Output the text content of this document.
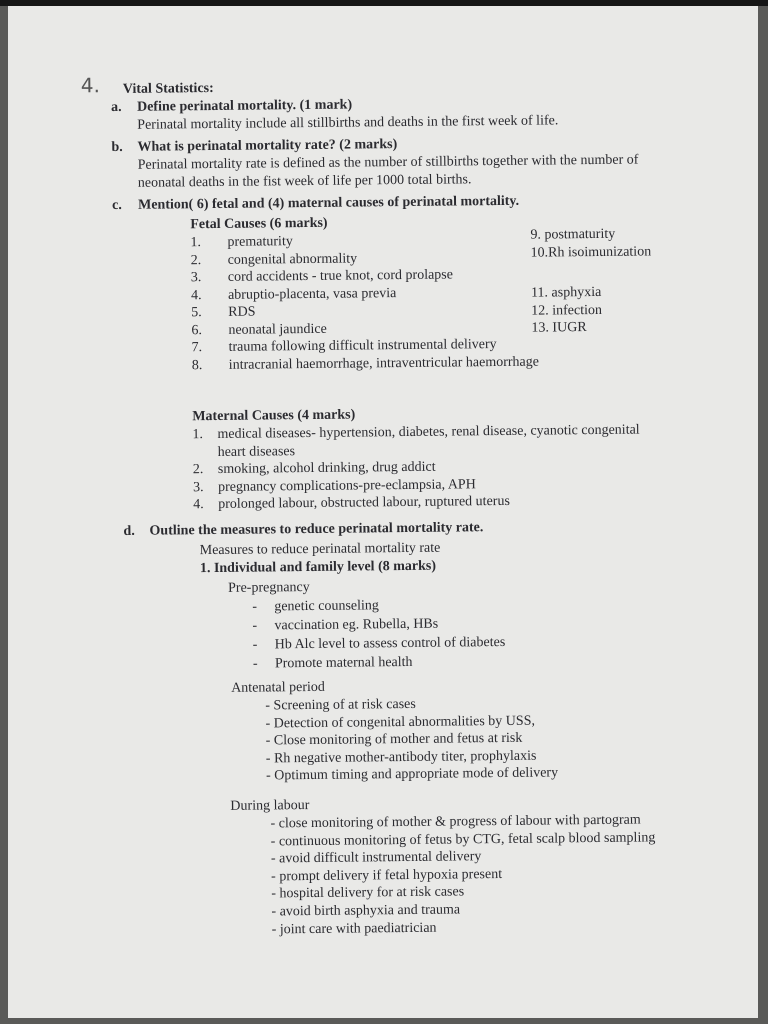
4. Vital Statistics:
a. Define perinatal mortality. (1 mark)
Perinatal mortality include all stillbirths and deaths in the first week of life.
b. What is perinatal mortality rate? (2 marks)
Perinatal mortality rate is defined as the number of stillbirths together with the number of
neonatal deaths in the fist week of life per 1000 total births.
c. Mention( 6) fetal and (4) maternal causes of perinatal mortality.
Fetal Causes (6 marks)
1.	prematurity
2.	congenital abnormality
3.	cord accidents - true knot, cord prolapse
4.	abruptio-placenta, vasa previa
5.	RDS
6.	neonatal jaundice
7.	trauma following difficult instrumental delivery
8.	intracranial haemorrhage, intraventricular haemorrhage
9. postmaturity
10.Rh isoimunization
11. asphyxia
12. infection
13. IUGR
Maternal Causes (4 marks)
1.	medical diseases- hypertension, diabetes, renal disease, cyanotic congenital
heart diseases
2.	smoking, alcohol drinking, drug addict
3.	pregnancy complications-pre-eclampsia, APH
4.	prolonged labour, obstructed labour, ruptured uterus
d. Outline the measures to reduce perinatal mortality rate.
Measures to reduce perinatal mortality rate
1. Individual and family level (8 marks)
Pre-pregnancy
-	genetic counseling
-	vaccination eg. Rubella, HBs
-	Hb Alc level to assess control of diabetes
-	Promote maternal health
Antenatal period
- Screening of at risk cases
- Detection of congenital abnormalities by USS,
- Close monitoring of mother and fetus at risk
- Rh negative mother-antibody titer, prophylaxis
- Optimum timing and appropriate mode of delivery
During labour
- close monitoring of mother & progress of labour with partogram
- continuous monitoring of fetus by CTG, fetal scalp blood sampling
- avoid difficult instrumental delivery
- prompt delivery if fetal hypoxia present
- hospital delivery for at risk cases
- avoid birth asphyxia and trauma
- joint care with paediatrician
